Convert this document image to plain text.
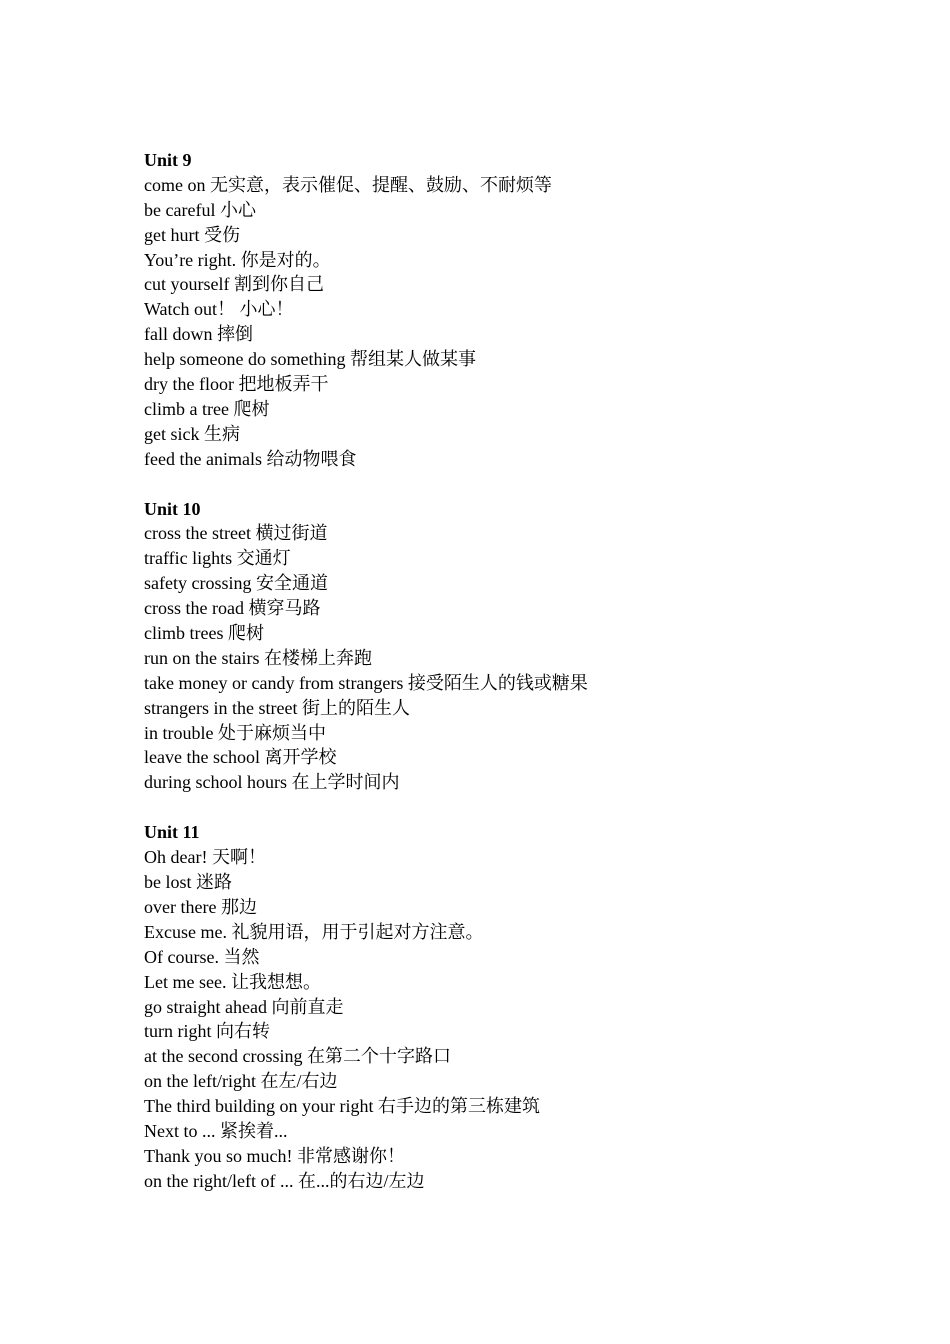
Unit 9
come on 无实意，表示催促、提醒、鼓励、不耐烦等
be careful 小心
get hurt 受伤
You’re right. 你是对的。
cut yourself 割到你自己
Watch out！ 小心！
fall down 摔倒
help someone do something 帮组某人做某事
dry the floor 把地板弄干
climb a tree 爬树
get sick 生病
feed the animals 给动物喂食
Unit 10
cross the street 横过街道
traffic lights 交通灯
safety crossing 安全通道
cross the road 横穿马路
climb trees 爬树
run on the stairs 在楼梯上奔跑
take money or candy from strangers 接受陌生人的钱或糖果
strangers in the street 街上的陌生人
in trouble 处于麻烦当中
leave the school 离开学校
during school hours 在上学时间内
Unit 11
Oh dear! 天啊！
be lost 迷路
over there 那边
Excuse me. 礼貌用语，用于引起对方注意。
Of course. 当然
Let me see. 让我想想。
go straight ahead 向前直走
turn right 向右转
at the second crossing 在第二个十字路口
on the left/right 在左/右边
The third building on your right 右手边的第三栋建筑
Next to ... 紧挨着...
Thank you so much! 非常感谢你！
on the right/left of ... 在...的右边/左边
